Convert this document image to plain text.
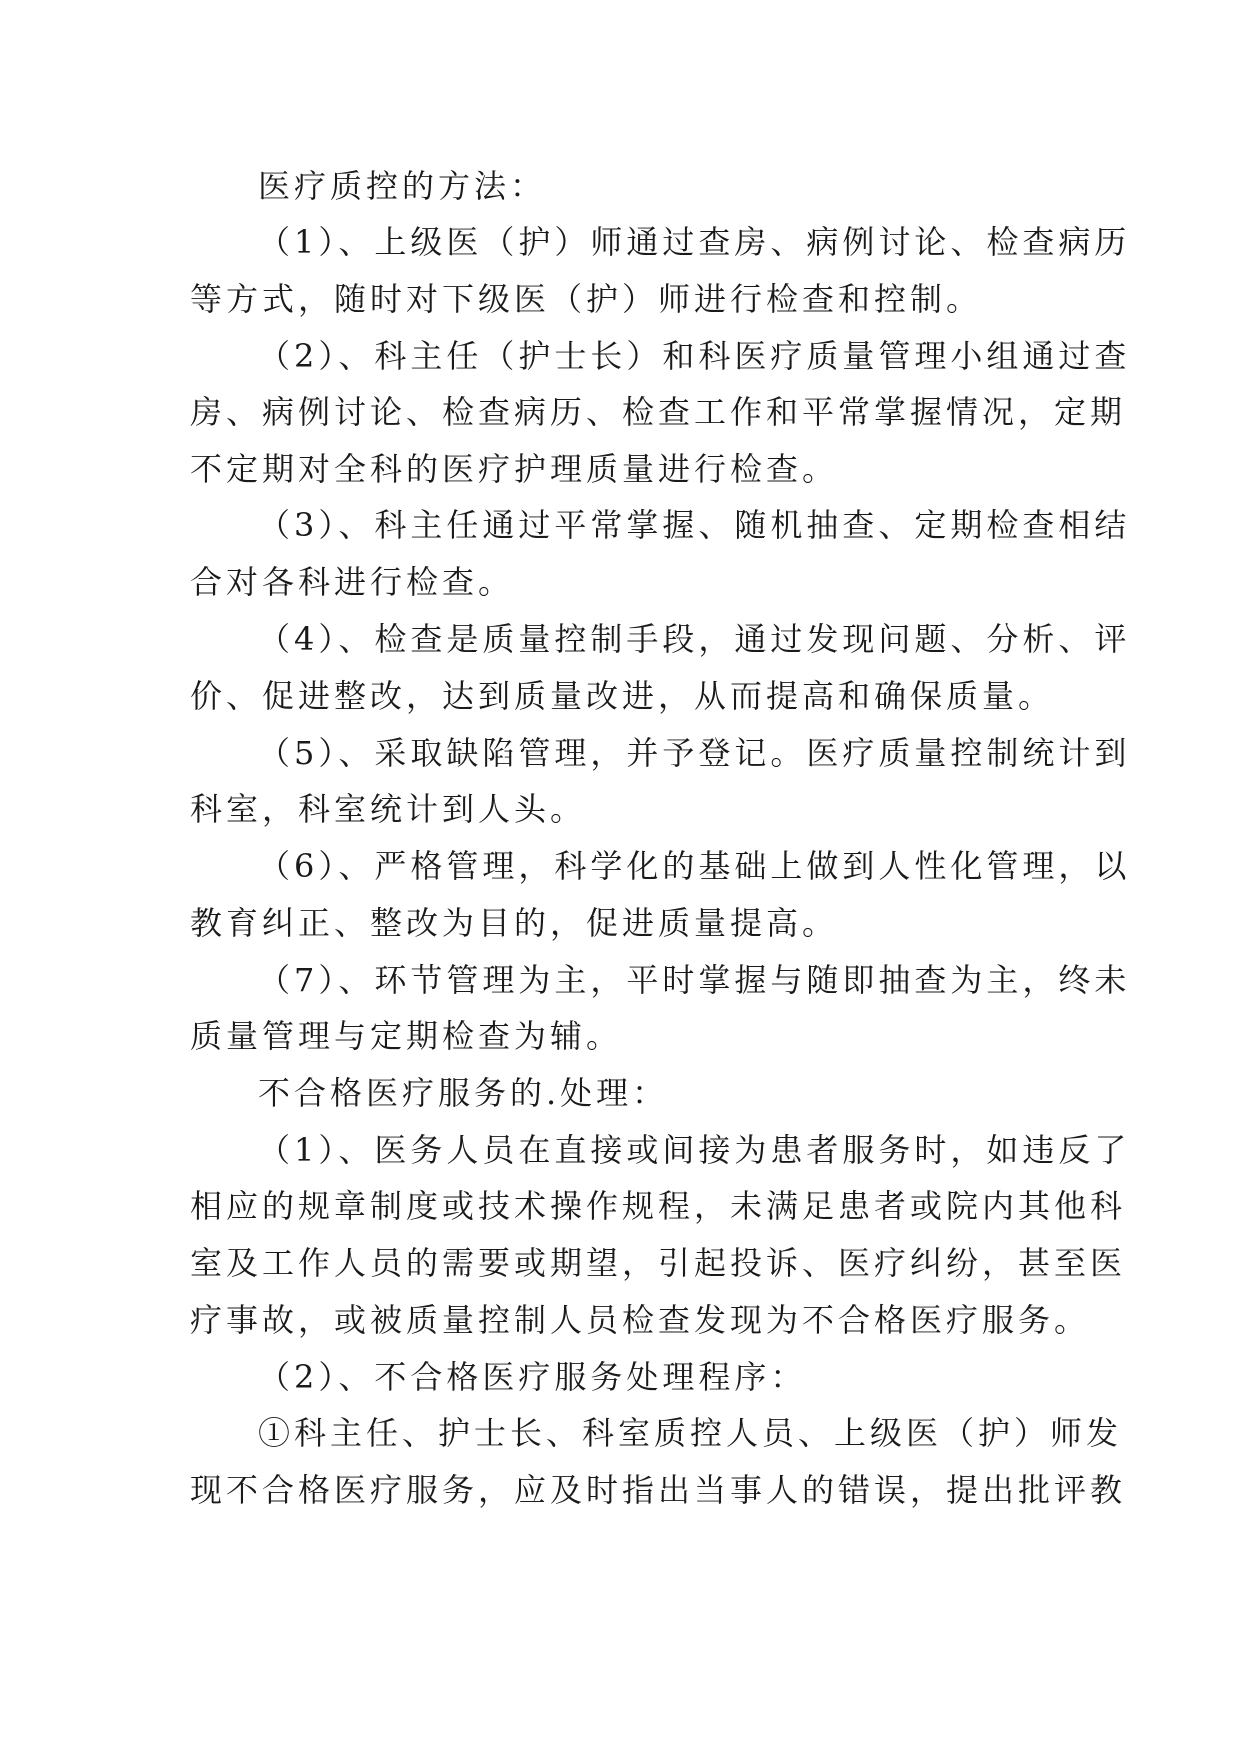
医疗质控的方法：
（1）、上级医（护）师通过查房、病例讨论、检查病历
等方式，随时对下级医（护）师进行检查和控制。
（2）、科主任（护士长）和科医疗质量管理小组通过查
房、病例讨论、检查病历、检查工作和平常掌握情况，定期
不定期对全科的医疗护理质量进行检查。
（3）、科主任通过平常掌握、随机抽查、定期检查相结
合对各科进行检查。
（4）、检查是质量控制手段，通过发现问题、分析、评
价、促进整改，达到质量改进，从而提高和确保质量。
（5）、采取缺陷管理，并予登记。医疗质量控制统计到
科室，科室统计到人头。
（6）、严格管理，科学化的基础上做到人性化管理，以
教育纠正、整改为目的，促进质量提高。
（7）、环节管理为主，平时掌握与随即抽查为主，终未
质量管理与定期检查为辅。
不合格医疗服务的.处理：
（1）、医务人员在直接或间接为患者服务时，如违反了
相应的规章制度或技术操作规程，未满足患者或院内其他科
室及工作人员的需要或期望，引起投诉、医疗纠纷，甚至医
疗事故，或被质量控制人员检查发现为不合格医疗服务。
（2）、不合格医疗服务处理程序：
①科主任、护士长、科室质控人员、上级医（护）师发
现不合格医疗服务，应及时指出当事人的错误，提出批评教
